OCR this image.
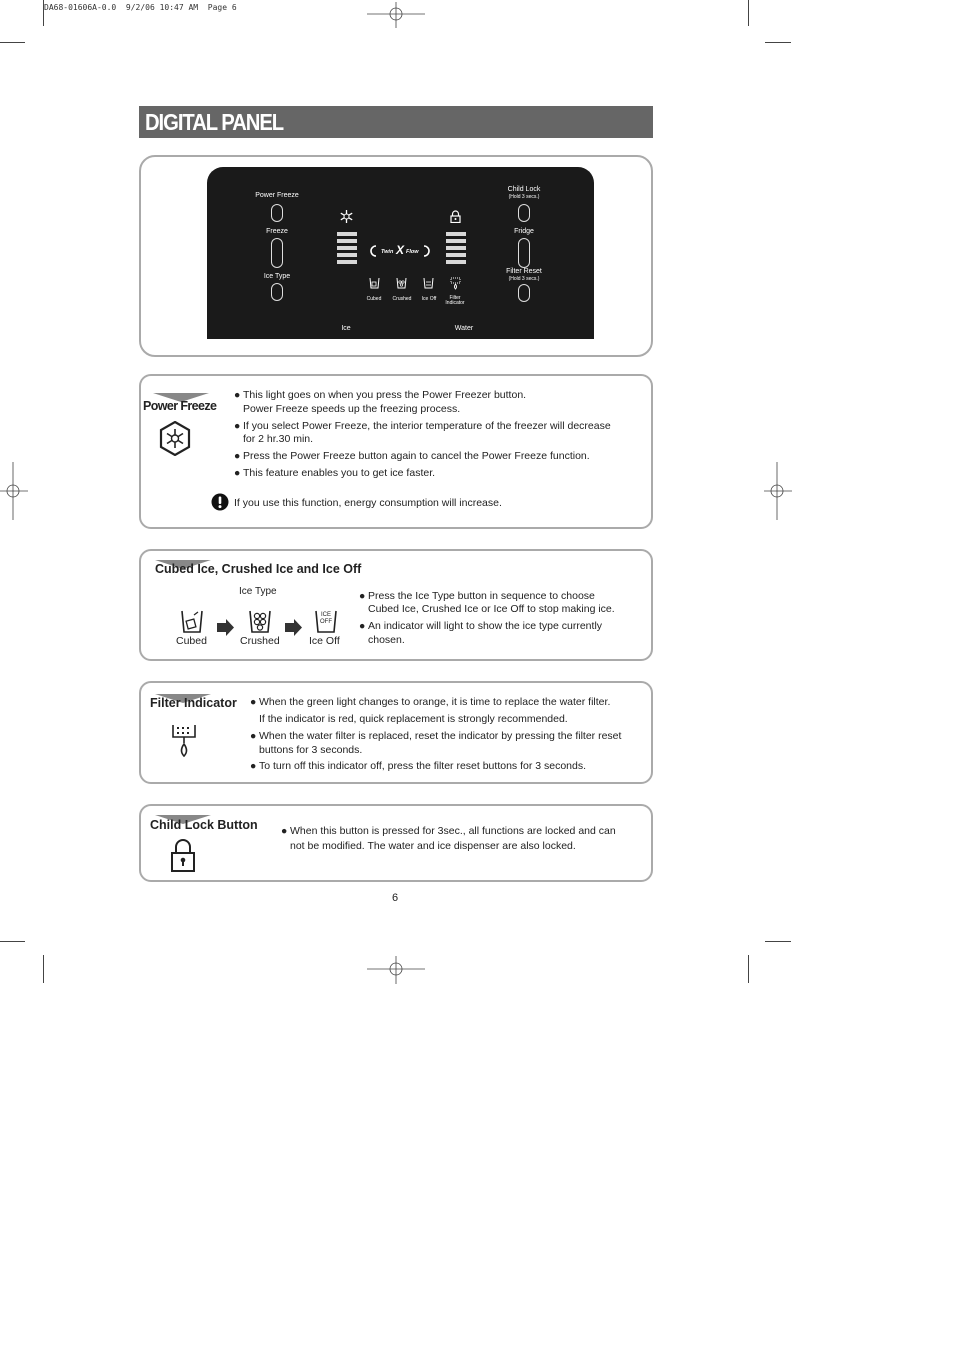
DA68-01606A-0.0  9/2/06 10:47 AM  Page 6
DIGITAL PANEL
Power Freeze
Freeze
Ice Type
Twin X Flow
Cubed	Crushed	Ice Off	Filter Indicator
Child Lock
(Hold 3 secs.)
Fridge
Filter Reset
(Hold 3 secs.)
Ice	Water
Power Freeze
● This light goes on when you press the Power Freezer button.
Power Freeze speeds up the freezing process.
● If you select Power Freeze, the interior temperature of the freezer will decrease
for 2 hr.30 min.
● Press the Power Freeze button again to cancel the Power Freeze function.
● This feature enables you to get ice faster.
If you use this function, energy consumption will increase.
Cubed Ice, Crushed Ice and Ice Off
Ice Type
Cubed	Crushed
ICE OFF
Ice Off
● Press the Ice Type button in sequence to choose
Cubed Ice, Crushed Ice or Ice Off to stop making ice.
● An indicator will light to show the ice type currently
chosen.
Filter Indicator ● When the green light changes to orange, it is time to replace the water filter.
If the indicator is red, quick replacement is strongly recommended.
● When the water filter is replaced, reset the indicator by pressing the filter reset
buttons for 3 seconds.
● To turn off this indicator off, press the filter reset buttons for 3 seconds.
Child Lock Button ● When this button is pressed for 3sec., all functions are locked and can
not be modified. The water and ice dispenser are also locked.
6
